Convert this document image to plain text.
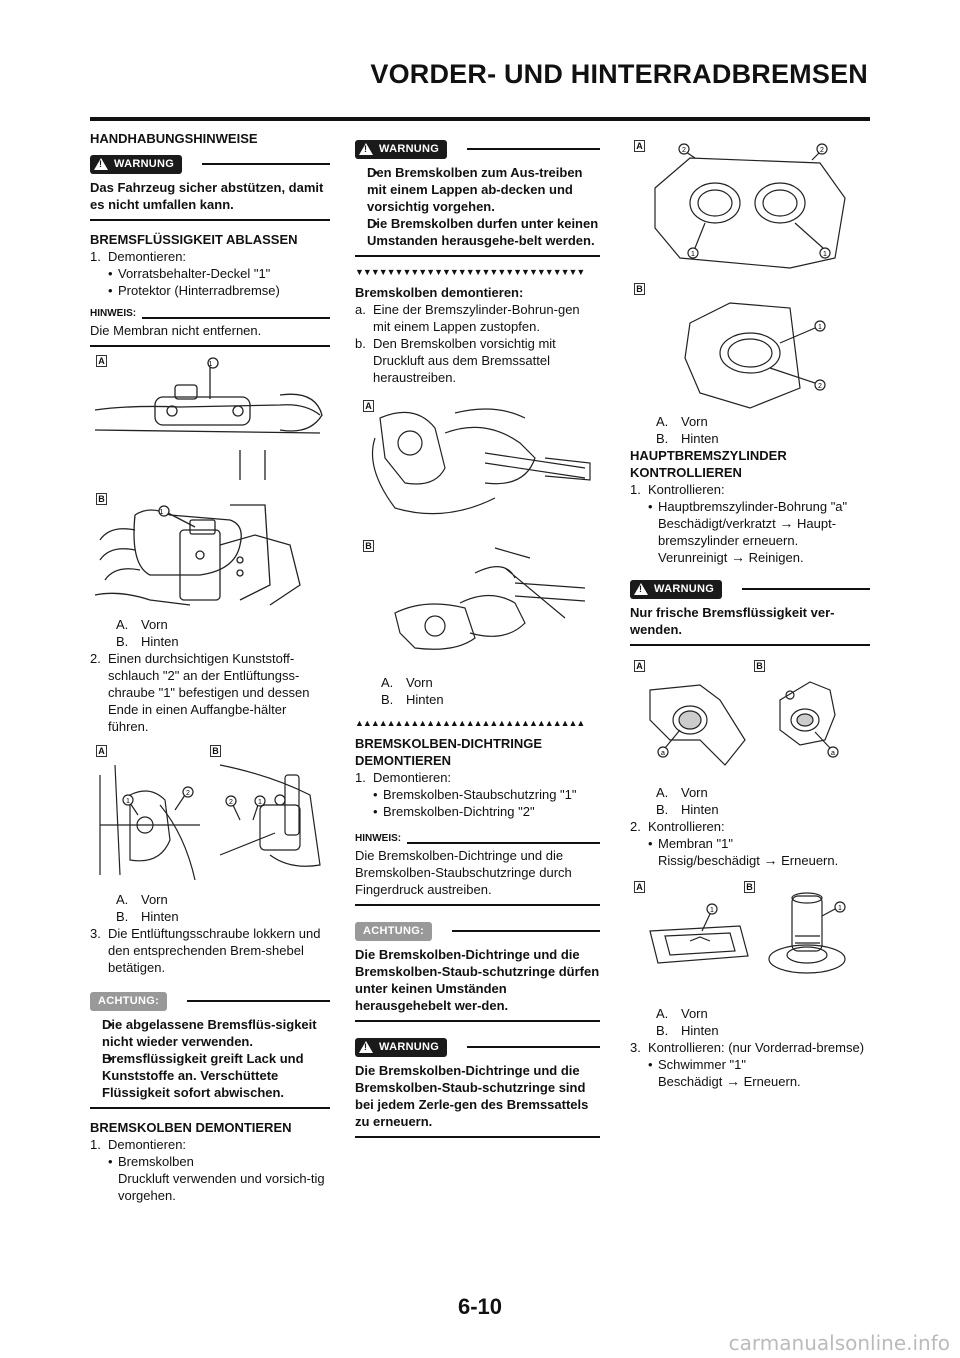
VORDER- UND HINTERRADBREMSEN
HANDHABUNGSHINWEISE
!
WARNUNG
Das Fahrzeug sicher abstützen, damit es nicht umfallen kann.
BREMSFLÜSSIGKEIT ABLASSEN
1. Demontieren:
• Vorratsbehalter-Deckel "1"
• Protektor (Hinterradbremse)
HINWEIS:
Die Membran nicht entfernen.
A	1
1
B
A. Vorn
B. Hinten
2. Einen durchsichtigen Kunststoff-schlauch "2" an der Entlüftungss-chraube "1" befestigen und dessen Ende in einen Auffangbe-hälter führen.
A	B
1
2
2	1
A. Vorn
B. Hinten
3. Die Entlüftungsschraube lokkern und den entsprechenden Brem-shebel betätigen.
ACHTUNG:
• Die abgelassene Bremsflüs-sigkeit nicht wieder verwenden.
• Bremsflüssigkeit greift Lack und Kunststoffe an. Verschüttete Flüssigkeit sofort abwischen.
BREMSKOLBEN DEMONTIEREN
1. Demontieren:
• Bremskolben
Druckluft verwenden und vorsich-tig vorgehen.
!
WARNUNG
• Den Bremskolben zum Aus-treiben mit einem Lappen ab-decken und vorsichtig vorgehen.
• Die Bremskolben durfen unter keinen Umstanden herausgehe-belt werden.
▼▼▼▼▼▼▼▼▼▼▼▼▼▼▼▼▼▼▼▼▼▼▼▼▼▼▼▼▼
Bremskolben demontieren:
a. Eine der Bremszylinder-Bohrun-gen mit einem Lappen zustopfen.
b. Den Bremskolben vorsichtig mit Druckluft aus dem Bremssattel heraustreiben.
A
B
A. Vorn
B. Hinten
▲▲▲▲▲▲▲▲▲▲▲▲▲▲▲▲▲▲▲▲▲▲▲▲▲▲▲▲▲
BREMSKOLBEN-DICHTRINGE DEMONTIEREN
1. Demontieren:
• Bremskolben-Staubschutzring "1"
• Bremskolben-Dichtring "2"
HINWEIS:
Die Bremskolben-Dichtringe und die Bremskolben-Staubschutzringe durch Fingerdruck austreiben.
ACHTUNG:
Die Bremskolben-Dichtringe und die Bremskolben-Staub-schutzringe dürfen unter keinen Umständen herausgehebelt wer-den.
!
WARNUNG
Die Bremskolben-Dichtringe und die Bremskolben-Staub-schutzringe sind bei jedem Zerle-gen des Bremssattels zu erneuern.
A
B
2	2
1	1
1
2
A. Vorn
B. Hinten
HAUPTBREMSZYLINDER KONTROLLIEREN
1. Kontrollieren:
• Hauptbremszylinder-Bohrung "a"
Beschädigt/verkratzt → Haupt-bremszylinder erneuern.
Verunreinigt → Reinigen.
!
WARNUNG
Nur frische Bremsflüssigkeit ver-wenden.
A	B
a	a
A. Vorn
B. Hinten
2. Kontrollieren:
• Membran "1"
Rissig/beschädigt → Erneuern.
A	B
1	1
A. Vorn
B. Hinten
3. Kontrollieren: (nur Vorderrad-bremse)
• Schwimmer "1"
Beschädigt → Erneuern.
6-10
carmanualsonline.info
